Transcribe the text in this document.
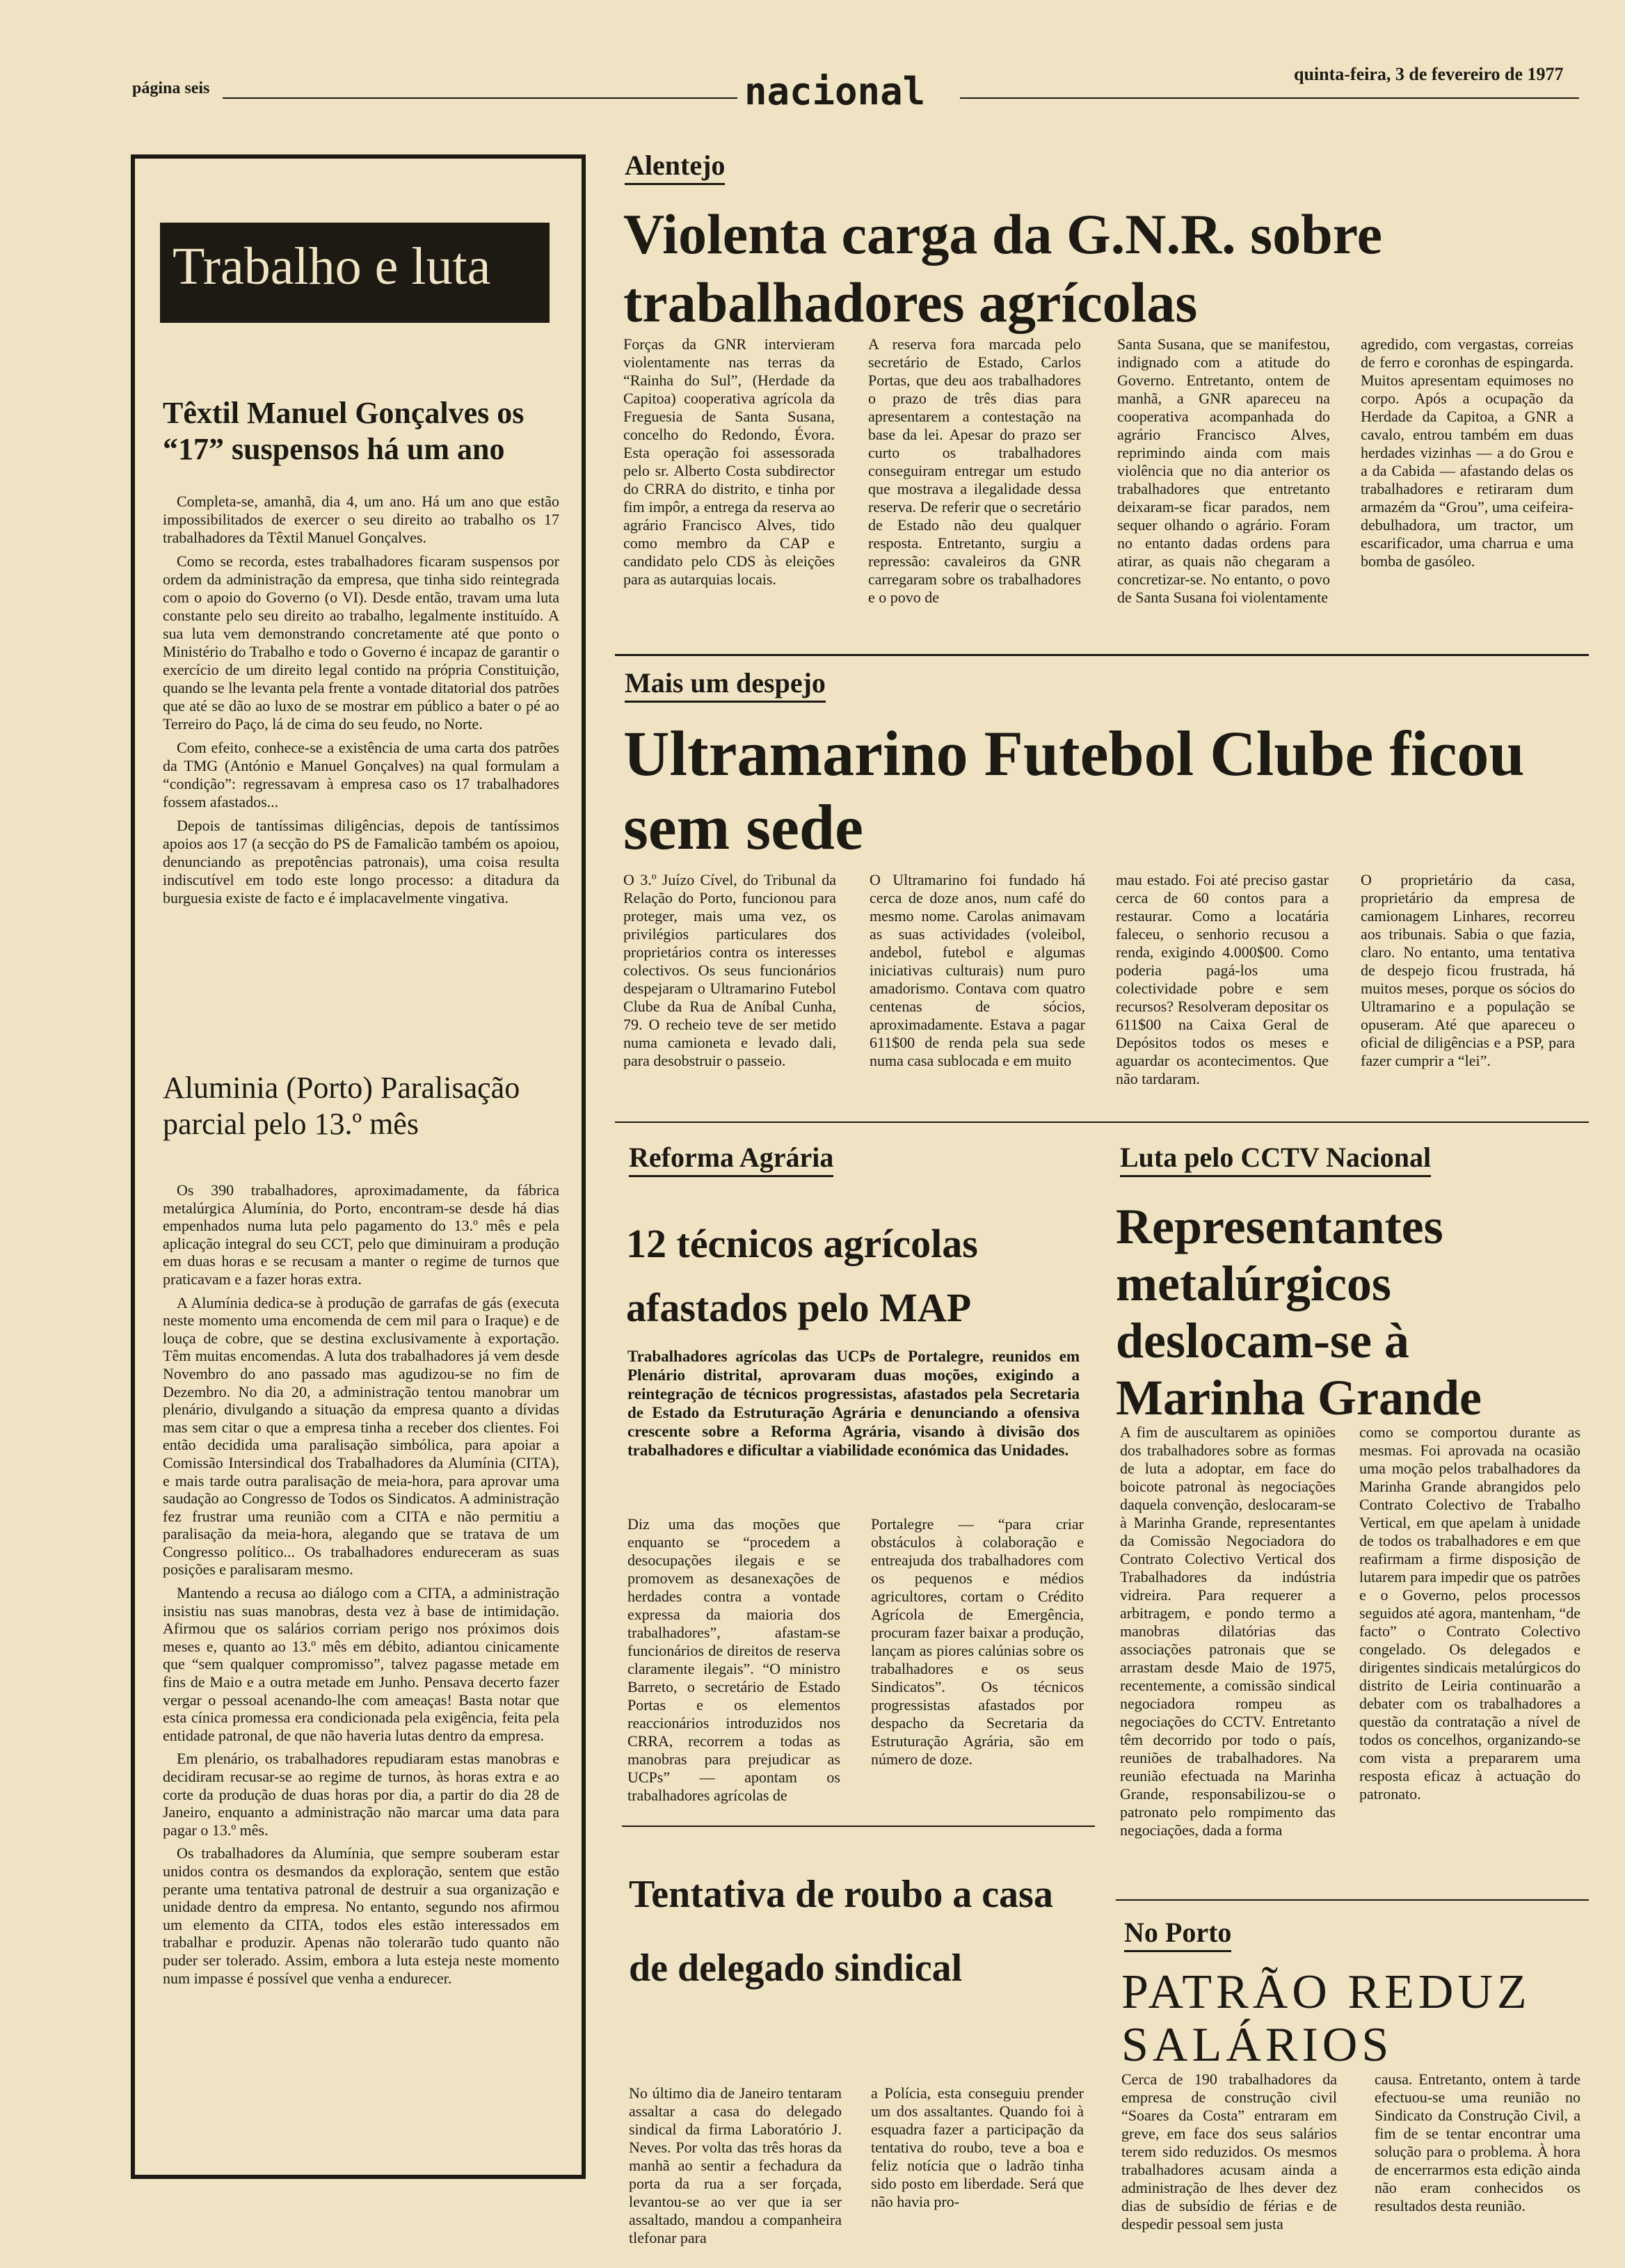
página seis	nacional	quinta-feira, 3 de fevereiro de 1977
Trabalho e luta
Têxtil Manuel Gonçalves os “17” suspensos há um ano

Completa-se, amanhã, dia 4, um ano. Há um ano que estão impossibilitados de exercer o seu direito ao trabalho os 17 trabalhadores da Têxtil Manuel Gonçalves.

Como se recorda, estes trabalhadores ficaram suspensos por ordem da administração da empresa, que tinha sido reintegrada com o apoio do Governo (o VI). Desde então, travam uma luta constante pelo seu direito ao trabalho, legalmente instituído. A sua luta vem demonstrando concretamente até que ponto o Ministério do Trabalho e todo o Governo é incapaz de garantir o exercício de um direito legal contido na própria Constituição, quando se lhe levanta pela frente a vontade ditatorial dos patrões que até se dão ao luxo de se mostrar em público a bater o pé ao Terreiro do Paço, lá de cima do seu feudo, no Norte.

Com efeito, conhece-se a existência de uma carta dos patrões da TMG (António e Manuel Gonçalves) na qual formulam a “condição”: regressavam à empresa caso os 17 trabalhadores fossem afastados...

Depois de tantíssimas diligências, depois de tantíssimos apoios aos 17 (a secção do PS de Famalicão também os apoiou, denunciando as prepotências patronais), uma coisa resulta indiscutível em todo este longo processo: a ditadura da burguesia existe de facto e é implacavelmente vingativa.

Aluminia (Porto) Paralisação parcial pelo 13.º mês

Os 390 trabalhadores, aproximadamente, da fábrica metalúrgica Alumínia, do Porto, encontram-se desde há dias empenhados numa luta pelo pagamento do 13.º mês e pela aplicação integral do seu CCT, pelo que diminuiram a produção em duas horas e se recusam a manter o regime de turnos que praticavam e a fazer horas extra.

A Alumínia dedica-se à produção de garrafas de gás (executa neste momento uma encomenda de cem mil para o Iraque) e de louça de cobre, que se destina exclusivamente à exportação. Têm muitas encomendas. A luta dos trabalhadores já vem desde Novembro do ano passado mas agudizou-se no fim de Dezembro. No dia 20, a administração tentou manobrar um plenário, divulgando a situação da empresa quanto a dívidas mas sem citar o que a empresa tinha a receber dos clientes. Foi então decidida uma paralisação simbólica, para apoiar a Comissão Intersindical dos Trabalhadores da Alumínia (CITA), e mais tarde outra paralisação de meia-hora, para aprovar uma saudação ao Congresso de Todos os Sindicatos. A administração fez frustrar uma reunião com a CITA e não permitiu a paralisação da meia-hora, alegando que se tratava de um Congresso político... Os trabalhadores endureceram as suas posições e paralisaram mesmo.

Mantendo a recusa ao diálogo com a CITA, a administração insistiu nas suas manobras, desta vez à base de intimidação. Afirmou que os salários corriam perigo nos próximos dois meses e, quanto ao 13.º mês em débito, adiantou cinicamente que “sem qualquer compromisso”, talvez pagasse metade em fins de Maio e a outra metade em Junho. Pensava decerto fazer vergar o pessoal acenando-lhe com ameaças! Basta notar que esta cínica promessa era condicionada pela exigência, feita pela entidade patronal, de que não haveria lutas dentro da empresa.

Em plenário, os trabalhadores repudiaram estas manobras e decidiram recusar-se ao regime de turnos, às horas extra e ao corte da produção de duas horas por dia, a partir do dia 28 de Janeiro, enquanto a administração não marcar uma data para pagar o 13.º mês.

Os trabalhadores da Alumínia, que sempre souberam estar unidos contra os desmandos da exploração, sentem que estão perante uma tentativa patronal de destruir a sua organização e unidade dentro da empresa. No entanto, segundo nos afirmou um elemento da CITA, todos eles estão interessados em trabalhar e produzir. Apenas não tolerarão tudo quanto não puder ser tolerado. Assim, embora a luta esteja neste momento num impasse é possível que venha a endurecer.

Alentejo
Violenta carga da G.N.R. sobre trabalhadores agrícolas
Forças da GNR intervieram violentamente nas terras da “Rainha do Sul”, (Herdade da Capitoa) cooperativa agrícola da Freguesia de Santa Susana, concelho do Redondo, Évora. Esta operação foi assessorada pelo sr. Alberto Costa subdirector do CRRA do distrito, e tinha por fim impôr, a entrega da reserva ao agrário Francisco Alves, tido como membro da CAP e candidato pelo CDS às eleições para as autarquias locais.
A reserva fora marcada pelo secretário de Estado, Carlos Portas, que deu aos trabalhadores o prazo de três dias para apresentarem a contestação na base da lei. Apesar do prazo ser curto os trabalhadores conseguiram entregar um estudo que mostrava a ilegalidade dessa reserva. De referir que o secretário de Estado não deu qualquer resposta. Entretanto, surgiu a repressão: cavaleiros da GNR carregaram sobre os trabalhadores e o povo de
Santa Susana, que se manifestou, indignado com a atitude do Governo. Entretanto, ontem de manhã, a GNR apareceu na cooperativa acompanhada do agrário Francisco Alves, reprimindo ainda com mais violência que no dia anterior os trabalhadores que entretanto deixaram-se ficar parados, nem sequer olhando o agrário. Foram no entanto dadas ordens para atirar, as quais não chegaram a concretizar-se. No entanto, o povo de Santa Susana foi violentamente
agredido, com vergastas, correias de ferro e coronhas de espingarda. Muitos apresentam equimoses no corpo. Após a ocupação da Herdade da Capitoa, a GNR a cavalo, entrou também em duas herdades vizinhas — a do Grou e a da Cabida — afastando delas os trabalhadores e retiraram dum armazém da “Grou”, uma ceifeira-debulhadora, um tractor, um escarificador, uma charrua e uma bomba de gasóleo.
Mais um despejo
Ultramarino Futebol Clube ficou sem sede
O 3.º Juízo Cível, do Tribunal da Relação do Porto, funcionou para proteger, mais uma vez, os privilégios particulares dos proprietários contra os interesses colectivos. Os seus funcionários despejaram o Ultramarino Futebol Clube da Rua de Aníbal Cunha, 79. O recheio teve de ser metido numa camioneta e levado dali, para desobstruir o passeio.
O Ultramarino foi fundado há cerca de doze anos, num café do mesmo nome. Carolas animavam as suas actividades (voleibol, andebol, futebol e algumas iniciativas culturais) num puro amadorismo. Contava com quatro centenas de sócios, aproximadamente. Estava a pagar 611$00 de renda pela sua sede numa casa sublocada e em muito
mau estado. Foi até preciso gastar cerca de 60 contos para a restaurar. Como a locatária faleceu, o senhorio recusou a renda, exigindo 4.000$00. Como poderia pagá-los uma colectividade pobre e sem recursos? Resolveram depositar os 611$00 na Caixa Geral de Depósitos todos os meses e aguardar os acontecimentos. Que não tardaram.
O proprietário da casa, proprietário da empresa de camionagem Linhares, recorreu aos tribunais. Sabia o que fazia, claro. No entanto, uma tentativa de despejo ficou frustrada, há muitos meses, porque os sócios do Ultramarino e a população se opuseram. Até que apareceu o oficial de diligências e a PSP, para fazer cumprir a “lei”.
Reforma Agrária
12 técnicos agrícolas afastados pelo MAP
Trabalhadores agrícolas das UCPs de Portalegre, reunidos em Plenário distrital, aprovaram duas moções, exigindo a reintegração de técnicos progressistas, afastados pela Secretaria de Estado da Estruturação Agrária e denunciando a ofensiva crescente sobre a Reforma Agrária, visando à divisão dos trabalhadores e dificultar a viabilidade económica das Unidades.
Diz uma das moções que enquanto se “procedem a desocupações ilegais e se promovem as desanexações de herdades contra a vontade expressa da maioria dos trabalhadores”, afastam-se funcionários de direitos de reserva claramente ilegais”. “O ministro Barreto, o secretário de Estado Portas e os elementos reaccionários introduzidos nos CRRA, recorrem a todas as manobras para prejudicar as UCPs” — apontam os trabalhadores agrícolas de
Portalegre — “para criar obstáculos à colaboração e entreajuda dos trabalhadores com os pequenos e médios agricultores, cortam o Crédito Agrícola de Emergência, procuram fazer baixar a produção, lançam as piores calúnias sobre os trabalhadores e os seus Sindicatos”. Os técnicos progressistas afastados por despacho da Secretaria da Estruturação Agrária, são em número de doze.
Tentativa de roubo a casa de delegado sindical
No último dia de Janeiro tentaram assaltar a casa do delegado sindical da firma Laboratório J. Neves. Por volta das três horas da manhã ao sentir a fechadura da porta da rua a ser forçada, levantou-se ao ver que ia ser assaltado, mandou a companheira tlefonar para
a Polícia, esta conseguiu prender um dos assaltantes. Quando foi à esquadra fazer a participação da tentativa do roubo, teve a boa e feliz notícia que o ladrão tinha sido posto em liberdade. Será que não havia pro-
Luta pelo CCTV Nacional
Representantes metalúrgicos deslocam-se à Marinha Grande
A fim de auscultarem as opiniões dos trabalhadores sobre as formas de luta a adoptar, em face do boicote patronal às negociações daquela convenção, deslocaram-se à Marinha Grande, representantes da Comissão Negociadora do Contrato Colectivo Vertical dos Trabalhadores da indústria vidreira. Para requerer a arbitragem, e pondo termo a manobras dilatórias das associações patronais que se arrastam desde Maio de 1975, recentemente, a comissão sindical negociadora rompeu as negociações do CCTV. Entretanto têm decorrido por todo o país, reuniões de trabalhadores. Na reunião efectuada na Marinha Grande, responsabilizou-se o patronato pelo rompimento das negociações, dada a forma
como se comportou durante as mesmas. Foi aprovada na ocasião uma moção pelos trabalhadores da Marinha Grande abrangidos pelo Contrato Colectivo de Trabalho Vertical, em que apelam à unidade de todos os trabalhadores e em que reafirmam a firme disposição de lutarem para impedir que os patrões e o Governo, pelos processos seguidos até agora, mantenham, “de facto” o Contrato Colectivo congelado. Os delegados e dirigentes sindicais metalúrgicos do distrito de Leiria continuarão a debater com os trabalhadores a questão da contratação a nível de todos os concelhos, organizando-se com vista a prepararem uma resposta eficaz à actuação do patronato.
No Porto
PATRÃO REDUZ SALÁRIOS
Cerca de 190 trabalhadores da empresa de construção civil “Soares da Costa” entraram em greve, em face dos seus salários terem sido reduzidos. Os mesmos trabalhadores acusam ainda a administração de lhes dever dez dias de subsídio de férias e de despedir pessoal sem justa
causa. Entretanto, ontem à tarde efectuou-se uma reunião no Sindicato da Construção Civil, a fim de se tentar encontrar uma solução para o problema. À hora de encerrarmos esta edição ainda não eram conhecidos os resultados desta reunião.
